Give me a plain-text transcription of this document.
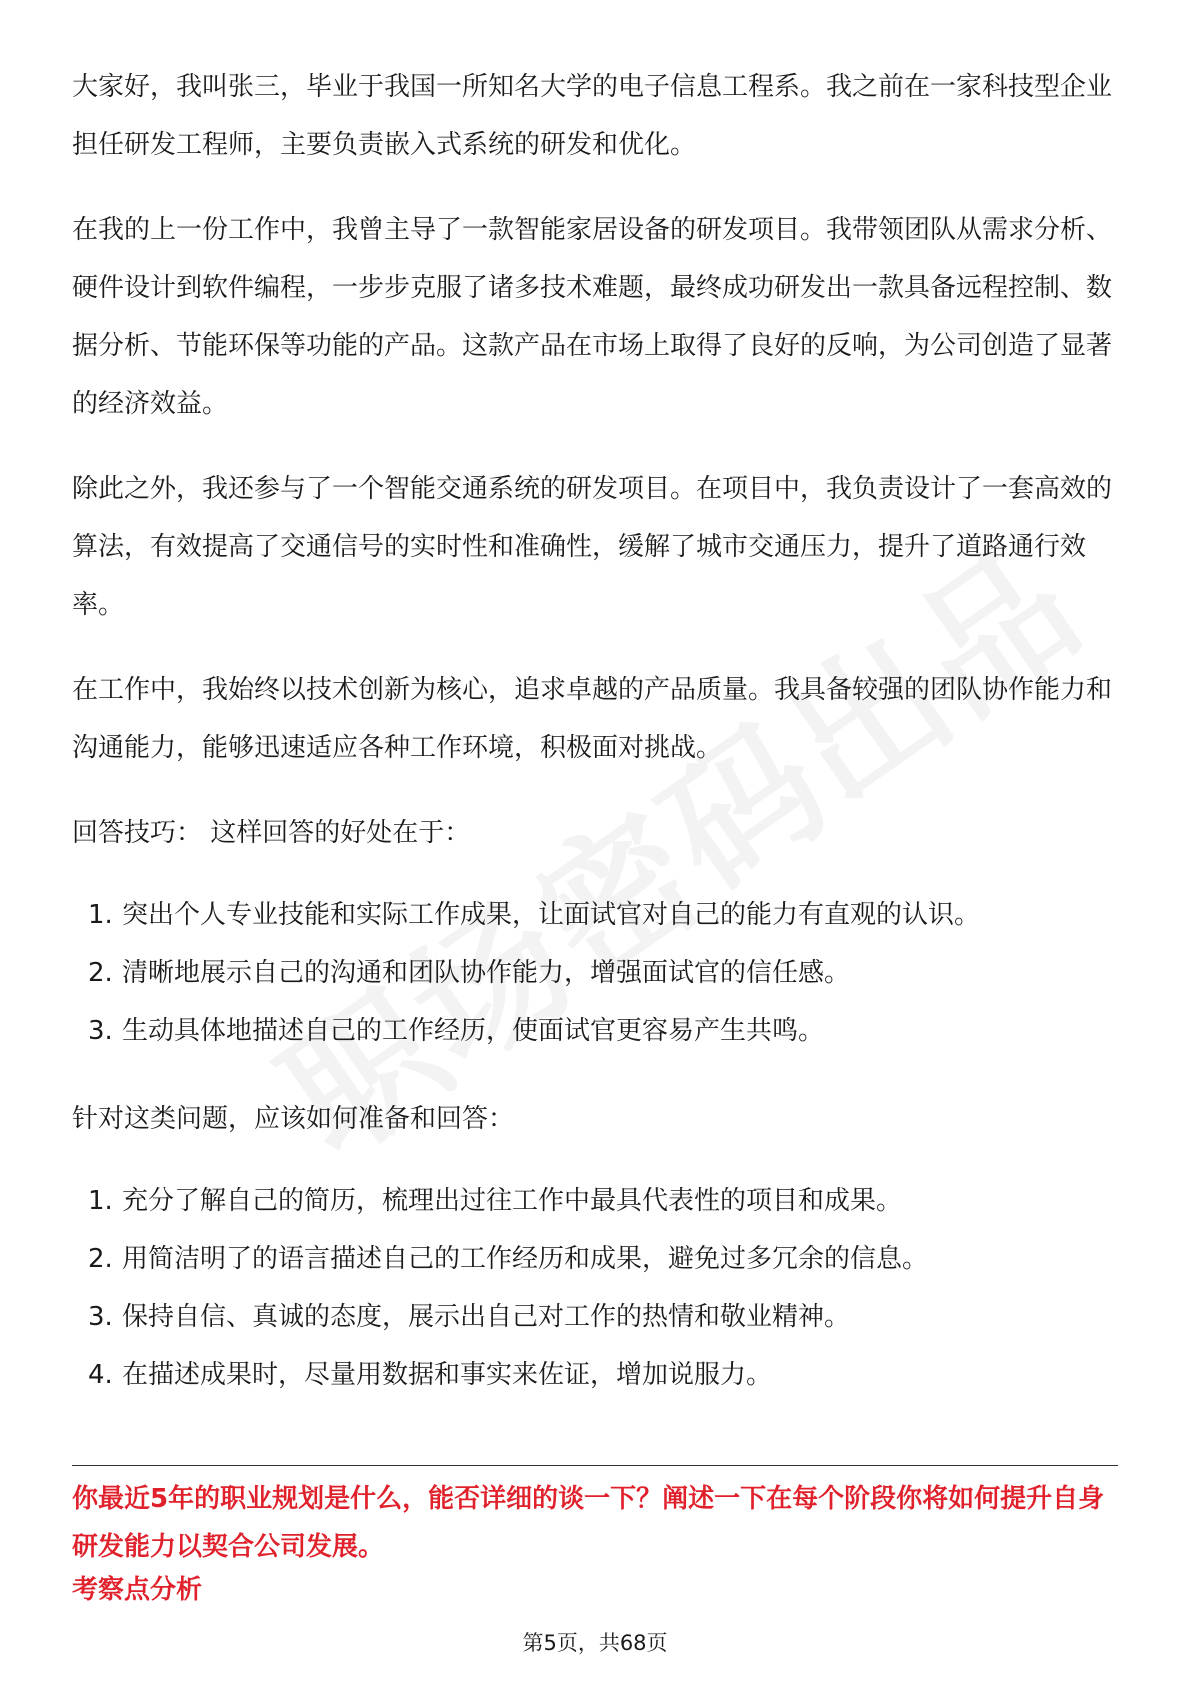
大家好，我叫张三，毕业于我国一所知名大学的电子信息工程系。我之前在一家科技型企业担任研发工程师，主要负责嵌入式系统的研发和优化。

在我的上一份工作中，我曾主导了一款智能家居设备的研发项目。我带领团队从需求分析、硬件设计到软件编程，一步步克服了诸多技术难题，最终成功研发出一款具备远程控制、数据分析、节能环保等功能的产品。这款产品在市场上取得了良好的反响，为公司创造了显著的经济效益。

除此之外，我还参与了一个智能交通系统的研发项目。在项目中，我负责设计了一套高效的算法，有效提高了交通信号的实时性和准确性，缓解了城市交通压力，提升了道路通行效率。

在工作中，我始终以技术创新为核心，追求卓越的产品质量。我具备较强的团队协作能力和沟通能力，能够迅速适应各种工作环境，积极面对挑战。

回答技巧： 这样回答的好处在于：

1. 突出个人专业技能和实际工作成果，让面试官对自己的能力有直观的认识。
2. 清晰地展示自己的沟通和团队协作能力，增强面试官的信任感。
3. 生动具体地描述自己的工作经历，使面试官更容易产生共鸣。

针对这类问题，应该如何准备和回答：

1. 充分了解自己的简历，梳理出过往工作中最具代表性的项目和成果。
2. 用简洁明了的语言描述自己的工作经历和成果，避免过多冗余的信息。
3. 保持自信、真诚的态度，展示出自己对工作的热情和敬业精神。
4. 在描述成果时，尽量用数据和事实来佐证，增加说服力。
你最近5年的职业规划是什么，能否详细的谈一下？阐述一下在每个阶段你将如何提升自身研发能力以契合公司发展。
考察点分析
第5页，共68页
